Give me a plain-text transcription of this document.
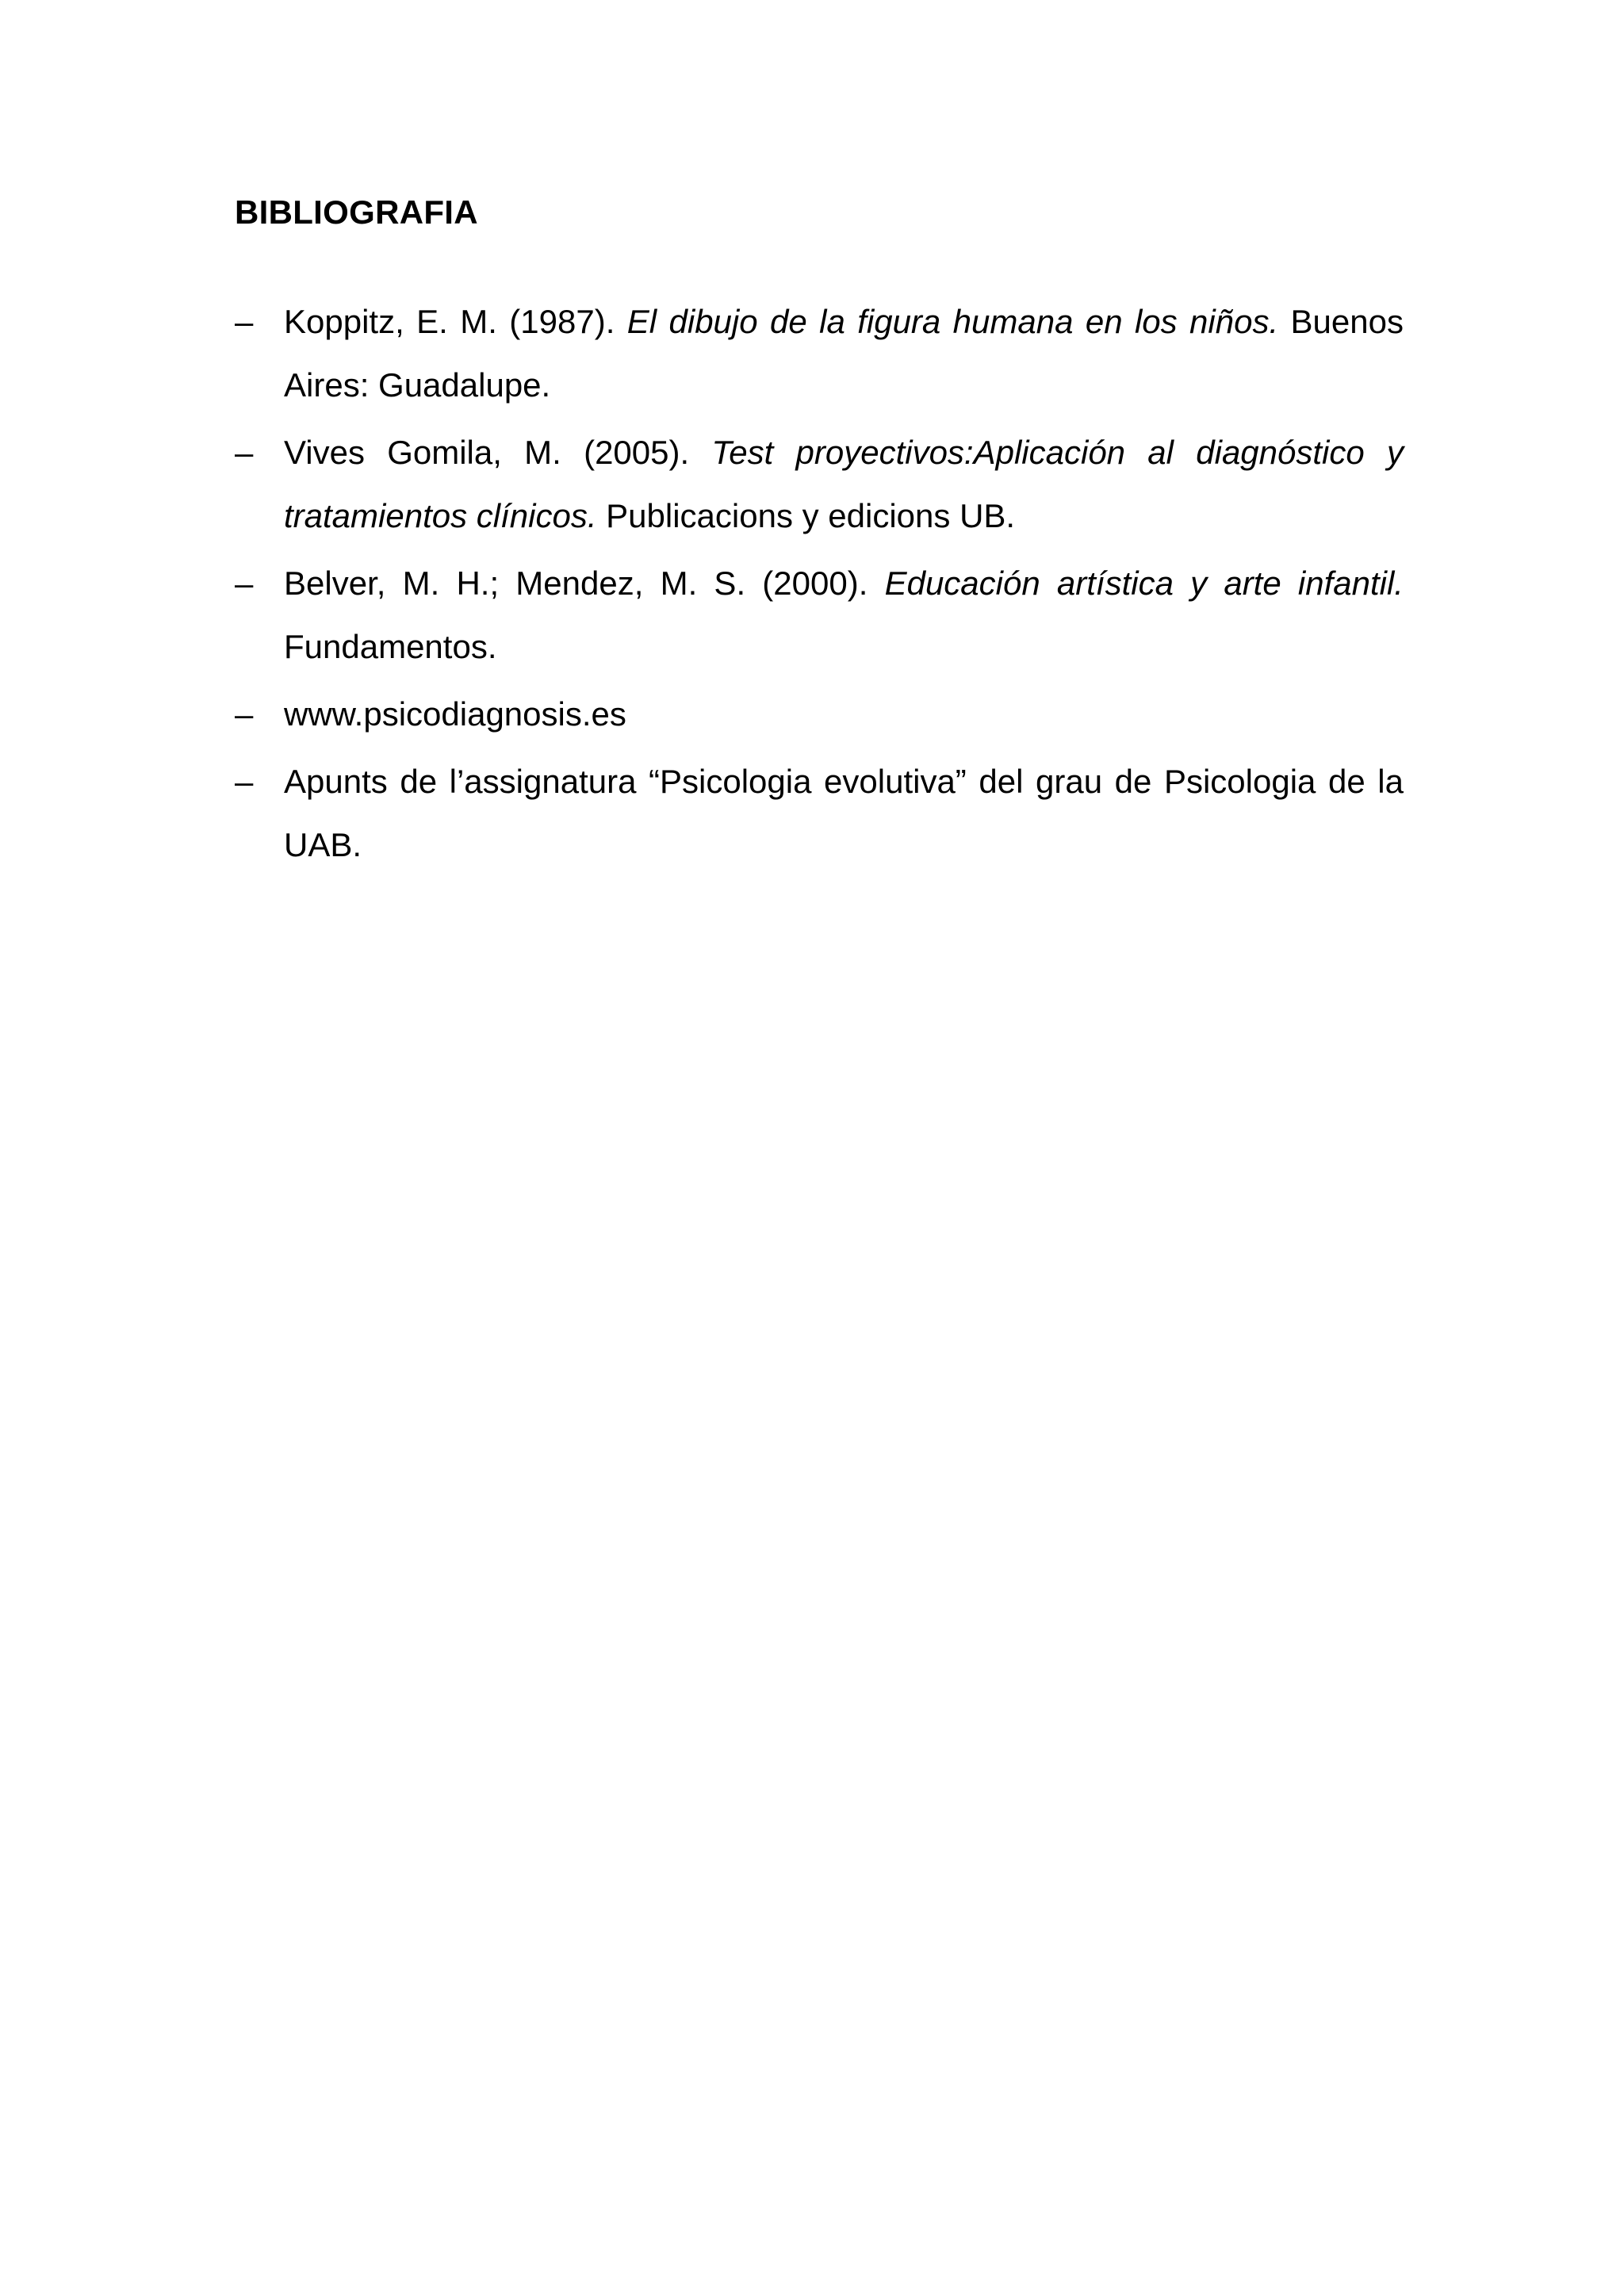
BIBLIOGRAFIA
– Koppitz, E. M. (1987). El dibujo de la figura humana en los niños. Buenos Aires: Guadalupe.
– Vives Gomila, M. (2005). Test proyectivos:Aplicación al diagnóstico y tratamientos clínicos. Publicacions y edicions UB.
– Belver, M. H.; Mendez, M. S. (2000). Educación artística y arte infantil. Fundamentos.
– www.psicodiagnosis.es
– Apunts de l’assignatura “Psicologia evolutiva” del grau de Psicologia de la UAB.
